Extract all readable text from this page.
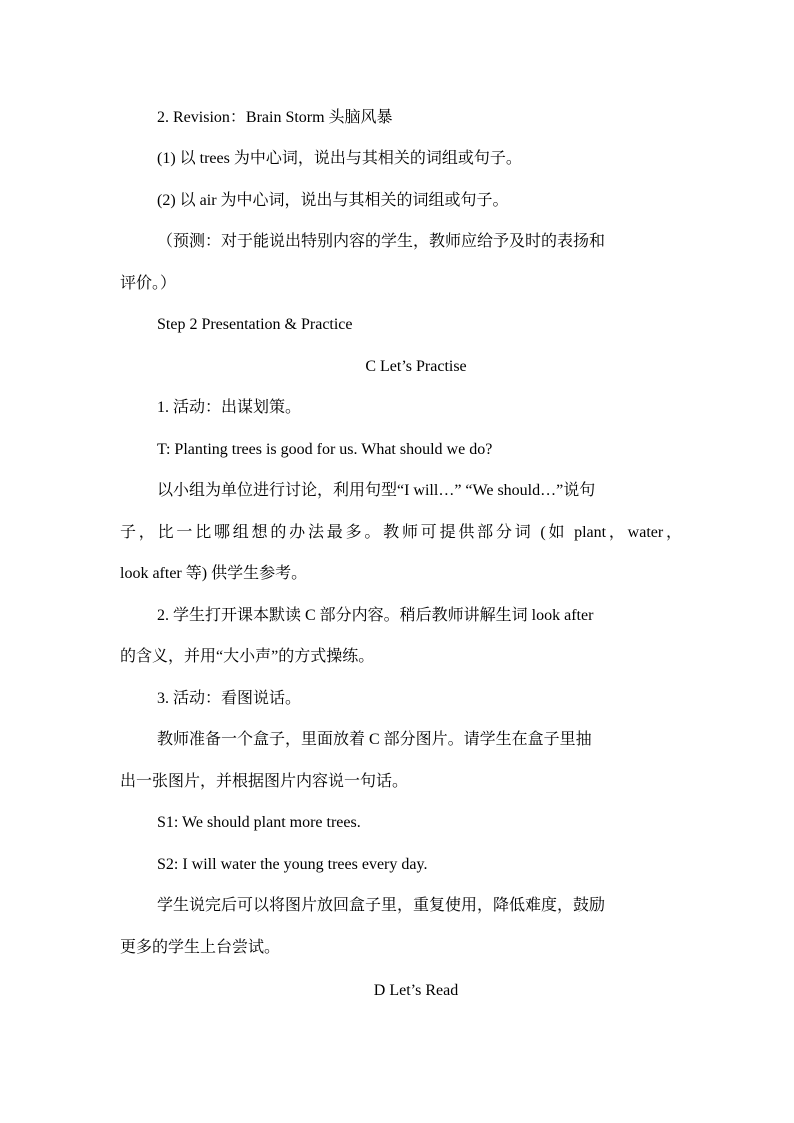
2. Revision：Brain Storm 头脑风暴
(1) 以 trees 为中心词，说出与其相关的词组或句子。
(2) 以 air 为中心词，说出与其相关的词组或句子。
（预测：对于能说出特别内容的学生，教师应给予及时的表扬和
评价。）
Step 2 Presentation & Practice
C Let’s Practise
1. 活动：出谋划策。
T: Planting trees is good for us. What should we do?
以小组为单位进行讨论，利用句型“I will…” “We should…”说句
子，比一比哪组想的办法最多。教师可提供部分词 (如 plant，water，
look after 等) 供学生参考。
2. 学生打开课本默读 C 部分内容。稍后教师讲解生词 look after
的含义，并用“大小声”的方式操练。
3. 活动：看图说话。
教师准备一个盒子，里面放着 C 部分图片。请学生在盒子里抽
出一张图片，并根据图片内容说一句话。
S1: We should plant more trees.
S2: I will water the young trees every day.
学生说完后可以将图片放回盒子里，重复使用，降低难度，鼓励
更多的学生上台尝试。
D Let’s Read
